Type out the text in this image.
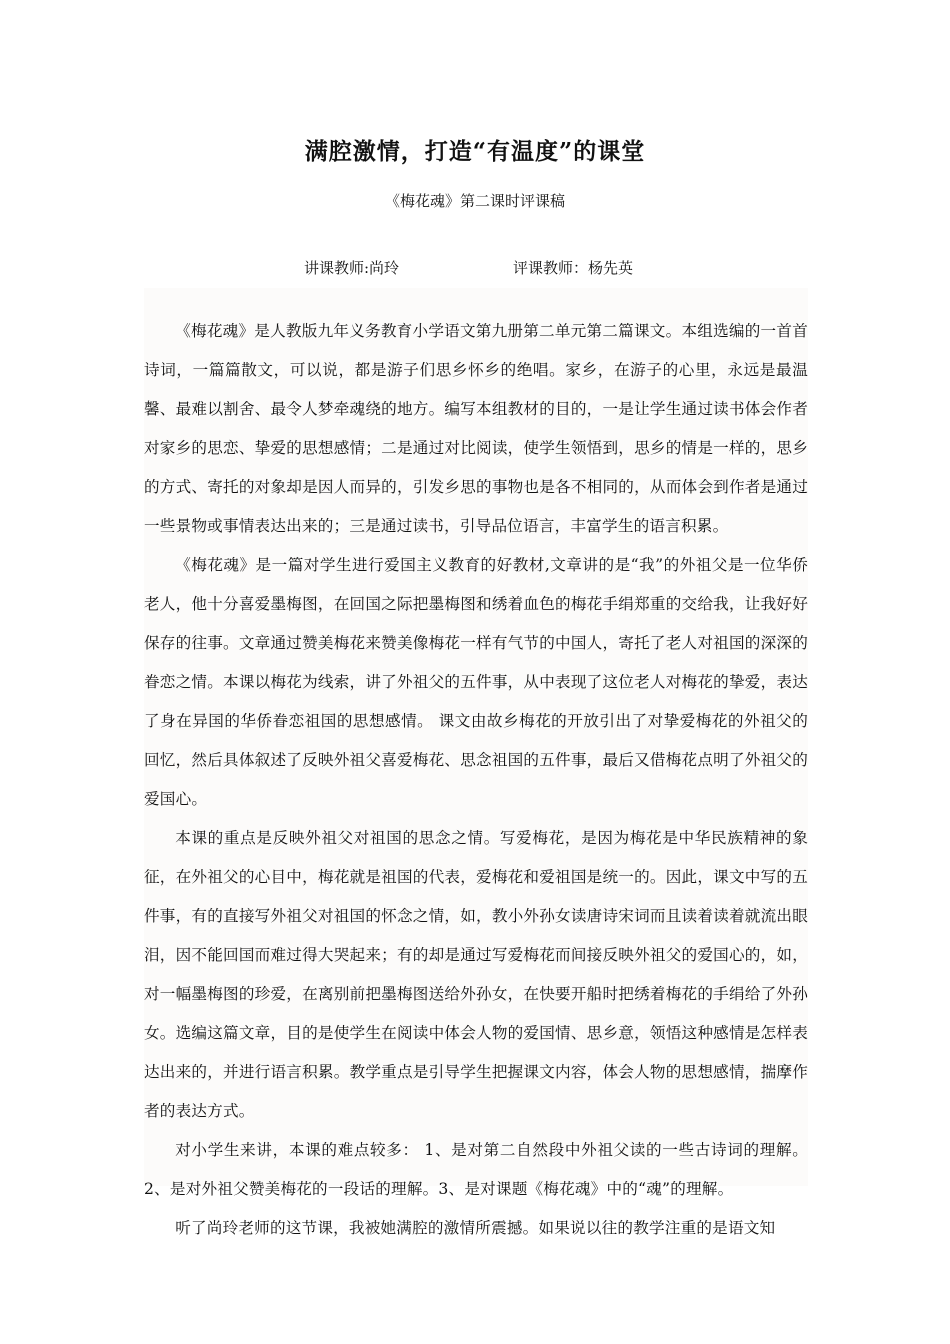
满腔激情，打造“有温度”的课堂
《梅花魂》第二课时评课稿
讲课教师:尚玲	评课教师：杨先英

《梅花魂》是人教版九年义务教育小学语文第九册第二单元第二篇课文。本组选编的一首首诗词，一篇篇散文，可以说，都是游子们思乡怀乡的绝唱。家乡，在游子的心里，永远是最温馨、最难以割舍、最令人梦牵魂绕的地方。编写本组教材的目的，一是让学生通过读书体会作者对家乡的思恋、挚爱的思想感情；二是通过对比阅读，使学生领悟到，思乡的情是一样的，思乡的方式、寄托的对象却是因人而异的，引发乡思的事物也是各不相同的，从而体会到作者是通过一些景物或事情表达出来的；三是通过读书，引导品位语言，丰富学生的语言积累。

《梅花魂》是一篇对学生进行爱国主义教育的好教材,文章讲的是“我”的外祖父是一位华侨老人，他十分喜爱墨梅图，在回国之际把墨梅图和绣着血色的梅花手绢郑重的交给我，让我好好保存的往事。文章通过赞美梅花来赞美像梅花一样有气节的中国人，寄托了老人对祖国的深深的眷恋之情。本课以梅花为线索，讲了外祖父的五件事，从中表现了这位老人对梅花的挚爱，表达了身在异国的华侨眷恋祖国的思想感情。 课文由故乡梅花的开放引出了对挚爱梅花的外祖父的回忆，然后具体叙述了反映外祖父喜爱梅花、思念祖国的五件事，最后又借梅花点明了外祖父的爱国心。

本课的重点是反映外祖父对祖国的思念之情。写爱梅花，是因为梅花是中华民族精神的象征，在外祖父的心目中，梅花就是祖国的代表，爱梅花和爱祖国是统一的。因此，课文中写的五件事，有的直接写外祖父对祖国的怀念之情，如，教小外孙女读唐诗宋词而且读着读着就流出眼泪，因不能回国而难过得大哭起来；有的却是通过写爱梅花而间接反映外祖父的爱国心的，如，对一幅墨梅图的珍爱，在离别前把墨梅图送给外孙女，在快要开船时把绣着梅花的手绢给了外孙女。选编这篇文章，目的是使学生在阅读中体会人物的爱国情、思乡意，领悟这种感情是怎样表达出来的，并进行语言积累。教学重点是引导学生把握课文内容，体会人物的思想感情，揣摩作者的表达方式。

对小学生来讲，本课的难点较多： 1、是对第二自然段中外祖父读的一些古诗词的理解。2、是对外祖父赞美梅花的一段话的理解。3、是对课题《梅花魂》中的“魂”的理解。

听了尚玲老师的这节课，我被她满腔的激情所震撼。如果说以往的教学注重的是语文知
